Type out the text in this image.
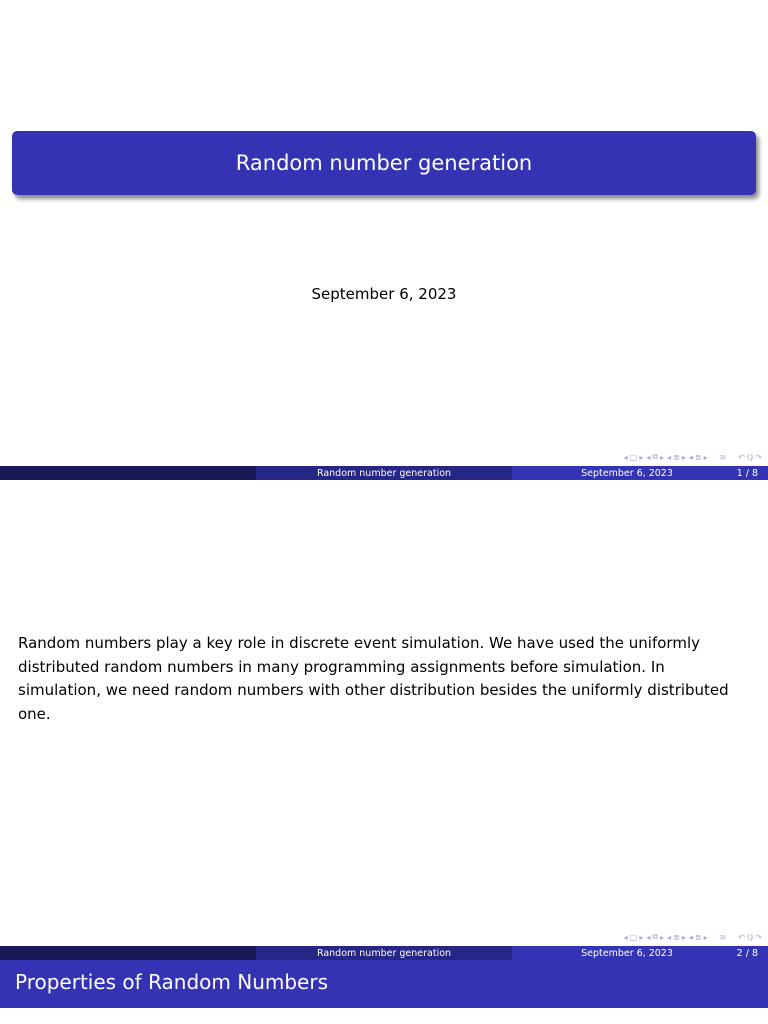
Random number generation
September 6, 2023
◂ □ ▸ ◂ ⧉ ▸ ◂ ≣ ▸ ◂ ≣ ▸ ≋ ↶ ℚ ↷
Random number generation	September 6, 2023	1 / 8
Random numbers play a key role in discrete event simulation. We have used the uniformly distributed random numbers in many programming assignments before simulation. In simulation, we need random numbers with other distribution besides the uniformly distributed one.
◂ □ ▸ ◂ ⧉ ▸ ◂ ≣ ▸ ◂ ≣ ▸ ≋ ↶ ℚ ↷
Random number generation	September 6, 2023	2 / 8
Properties of Random Numbers
